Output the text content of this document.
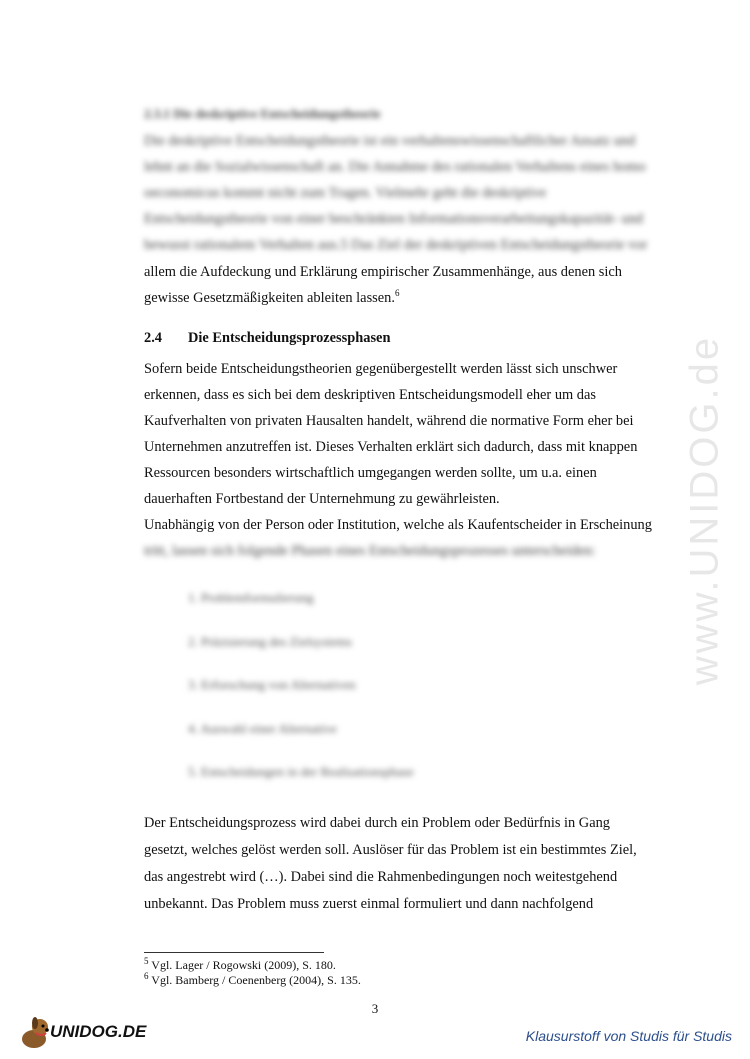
www.UNIDOG.de
2.3.1 Die deskriptive Entscheidungstheorie
Die deskriptive Entscheidungstheorie ist ein verhaltenswissenschaftlicher Ansatz und
lehnt an die Sozialwissenschaft an. Die Annahme des rationalen Verhaltens eines homo
oeconomicus kommt nicht zum Tragen. Vielmehr geht die deskriptive
Entscheidungstheorie von einer beschränkten Informationsverarbeitungskapazität- und
bewusst rationalem Verhalten aus.5 Das Ziel der deskriptiven Entscheidungstheorie vor
allem die Aufdeckung und Erklärung empirischer Zusammenhänge, aus denen sich
gewisse Gesetzmäßigkeiten ableiten lassen.$^6$
2.4 Die Entscheidungsprozessphasen
Sofern beide Entscheidungstheorien gegenübergestellt werden lässt sich unschwer
erkennen, dass es sich bei dem deskriptiven Entscheidungsmodell eher um das
Kaufverhalten von privaten Hausalten handelt, während die normative Form eher bei
Unternehmen anzutreffen ist. Dieses Verhalten erklärt sich dadurch, dass mit knappen
Ressourcen besonders wirtschaftlich umgegangen werden sollte, um u.a. einen
dauerhaften Fortbestand der Unternehmung zu gewährleisten.
Unabhängig von der Person oder Institution, welche als Kaufentscheider in Erscheinung
tritt, lassen sich folgende Phasen eines Entscheidungsprozesses unterscheiden:
1. Problemformulierung
2. Präzisierung des Zielsystems
3. Erforschung von Alternativen
4. Auswahl einer Alternative
5. Entscheidungen in der Realisationsphase
Der Entscheidungsprozess wird dabei durch ein Problem oder Bedürfnis in Gang
gesetzt, welches gelöst werden soll. Auslöser für das Problem ist ein bestimmtes Ziel,
das angestrebt wird (…). Dabei sind die Rahmenbedingungen noch weitestgehend
unbekannt. Das Problem muss zuerst einmal formuliert und dann nachfolgend
$^5$ Vgl. Lager / Rogowski (2009), S. 180.
$^6$ Vgl. Bamberg / Coenenberg (2004), S. 135.
3
UNIDOG.DE	Klausurstoff von Studis für Studis
